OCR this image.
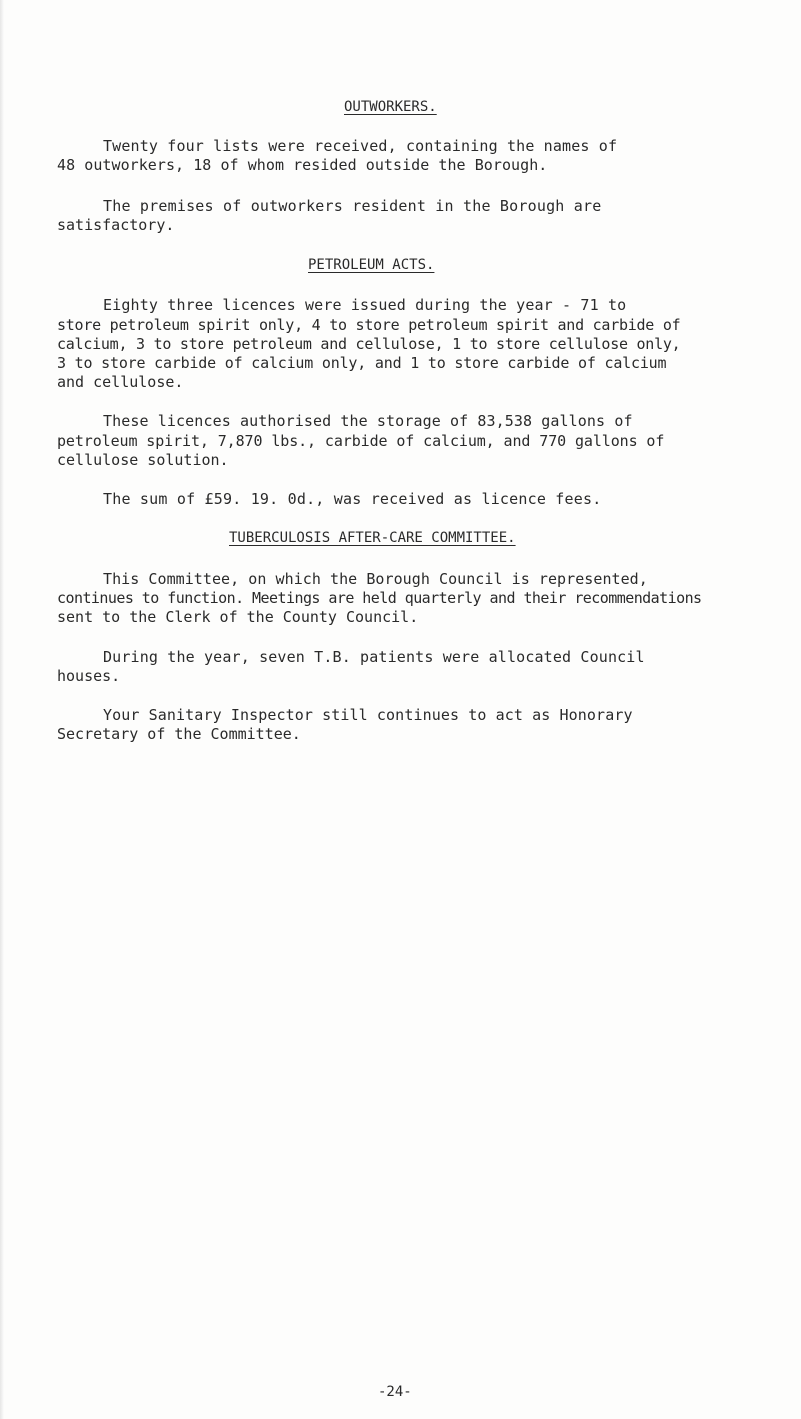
OUTWORKERS.
Twenty four lists were received, containing the names of
48 outworkers, 18 of whom resided outside the Borough.
The premises of outworkers resident in the Borough are
satisfactory.
PETROLEUM ACTS.
Eighty three licences were issued during the year - 71 to
store petroleum spirit only, 4 to store petroleum spirit and carbide of
calcium, 3 to store petroleum and cellulose, 1 to store cellulose only,
3 to store carbide of calcium only, and 1 to store carbide of calcium
and cellulose.
These licences authorised the storage of 83,538 gallons of
petroleum spirit, 7,870 lbs., carbide of calcium, and 770 gallons of
cellulose solution.
The sum of £59. 19. 0d., was received as licence fees.
TUBERCULOSIS AFTER-CARE COMMITTEE.
This Committee, on which the Borough Council is represented,
continues to function. Meetings are held quarterly and their recommendations
sent to the Clerk of the County Council.
During the year, seven T.B. patients were allocated Council
houses.
Your Sanitary Inspector still continues to act as Honorary
Secretary of the Committee.
-24-
